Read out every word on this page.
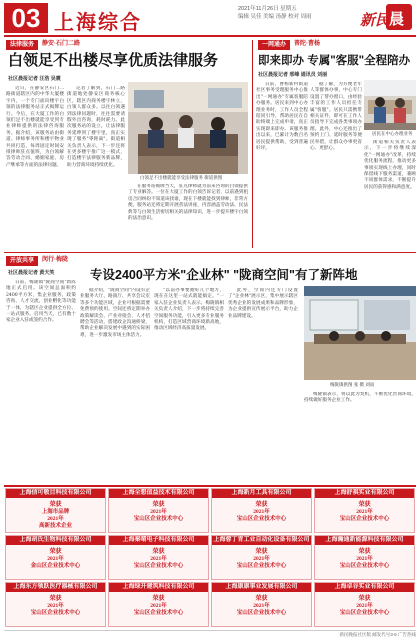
03 上海综合
2021年11月26日 星期五
编辑 吴佳 美编 汤静 校对 周雨	新民
晨
法律服务	静安·石门二路
白领足不出楼尽享优质法律服务
社区晨报记者 汪浩 吴震
近日，在静安区石门二路街道辖区内的中华大厦楼宇内，一个专门面向楼宇白领的法律服务站正式揭牌运行。今后，在大厦工作的白领们足不出楼就能享受到专业律师提供的法律咨询服务。据介绍，该服务站由街道、律师事务所和楼宇物业共同打造，每周固定时间安排律师驻点值班，为白领解答劳动合同、婚姻家庭、房产继承等方面的法律问题。
记者了解到，石门二路街道地处静安区商务核心区，辖区内商务楼宇林立，白领人群众多。以往白领遇到法律问题时，往往需要请假外出咨询，耗时耗力。此次服务站的设立，让法律服务延伸到了楼宇里，真正实现了服务"零距离"。街道相关负责人表示，下一步还将在更多楼宇推广这一模式，打造楼宇法律服务新品牌，助力营商环境持续优化。
白领足不出楼就能享受法律服务 街道供图
在服务站揭牌当天，驻点律师就为前来咨询的白领提供了专业解答。一位在大厦工作的白领告诉记者，以前遇到租房合同纠纷不知道该找谁，现在下楼就能找到律师，非常方便。服务站还将定期开展普法讲座，内容涵盖劳动法、民法典等与白领生活密切相关的法律知识，进一步提升楼宇白领的法治意识。
一网通办	普陀·曹杨
即来即办 专属"客服"全程陪办
社区晨报记者 邢峰 通讯员 刘丽
日前，曹杨新村街道社区事务受理服务中心推出"一网通办"专属客服陪办服务。居民来到中心办理业务时，工作人员全程陪同引导，帮助居民在自助终端上完成申请，真正实现即来即办。该服务推出以来，已累计为数百名居民提供帮助，受到普遍好评。
据了解，为方便老年人等群体办事，中心专门设置了帮办窗口，由经验丰富的工作人员担任专属"客服"。居民只需携带相关证件，即可在工作人员指导下完成各类事项办理。此外，中心还推出了预约上门、延时服务等便民举措，让群众办事更省心、更舒心。
居民在中心办理业务
街道相关负责人表示，下一步将继续深化"一网通办"改革，持续优化服务流程，推动更多事项实现线上办理，同时保留线下服务渠道，兼顾不同群体需求，不断提升居民的获得感和满意度。
开放共享	闵行·梅陇
专设2400平方米"企业林" "陇商空间"有了新阵地
社区晨报记者 黄天笑
日前，梅陇镇"陇商空间"新阵地正式启用。该空间总面积约2400平方米，集企业服务、政策咨询、人才交流、创业孵化等功能于一体，为辖区企业提供全方位、一站式服务。启用当天，已有数十家企业入驻或签约合作。
据介绍，"陇商空间"内设有企业服务大厅、路演厅、共享会议室等多个功能区域，企业可根据需要免费预约使用。空间还将定期举办政策解读会、产业对接会、人才招聘会等活动，搭建政企沟通桥梁，帮助企业解决发展中遇到的实际困难，进一步激发市场主体活力。
"以前办事要跑好几个地方，现在在这里一站式就能搞定。"一家入驻企业负责人表示。梅陇镇相关负责人介绍，下一步将持续完善空间服务功能，引入更多专业服务机构，打造区域营商环境新高地，推动区域经济高质量发展。
此外，空间内还专门设置了"企业林"展示区，集中展示辖区优秀企业的发展成果和品牌形象，为企业提供宣传展示平台，助力企业品牌建设。
梅陇镇供图 张 摄 刘雨
梅陇镇表示，将以此为契机，不断优化营商环境，持续做好服务企业工作。
上海信可敬目科技有限公司
荣获
上海市品牌
2021年
高新技术企业
上海全想值益技术有限公司
荣获
2021年
宝山区企业技术中心
上海新月工具有限公司
荣获
2021年
宝山区企业技术中心
上海舒祺实业有限公司
荣获
2021年
宝山区企业技术中心
上海胡氏生物科技有限公司
荣获
2021年
金山区企业技术中心
上海秦晴电子科技有限公司
荣获
2021年
宝山区企业技术中心
上海蓉丁青工业自动化设备有限公司
荣获
2021年
宝山区企业技术中心
上海瀚通新能源科技有限公司
荣获
2021年
宝山区企业技术中心
上海东方领跃医疗器械有限公司
荣获
2021年
宝山区企业技术中心
上海绿开建筑科技有限公司
荣获
2021年
宝山区企业技术中心
上海康康事业发展有限公司
荣获
2021年
宝山区企业技术中心
上海卓谷实业有限公司
荣获
2021年
宝山区企业技术中心
新民晚报社区版 邮发代号3-5 广告热线
